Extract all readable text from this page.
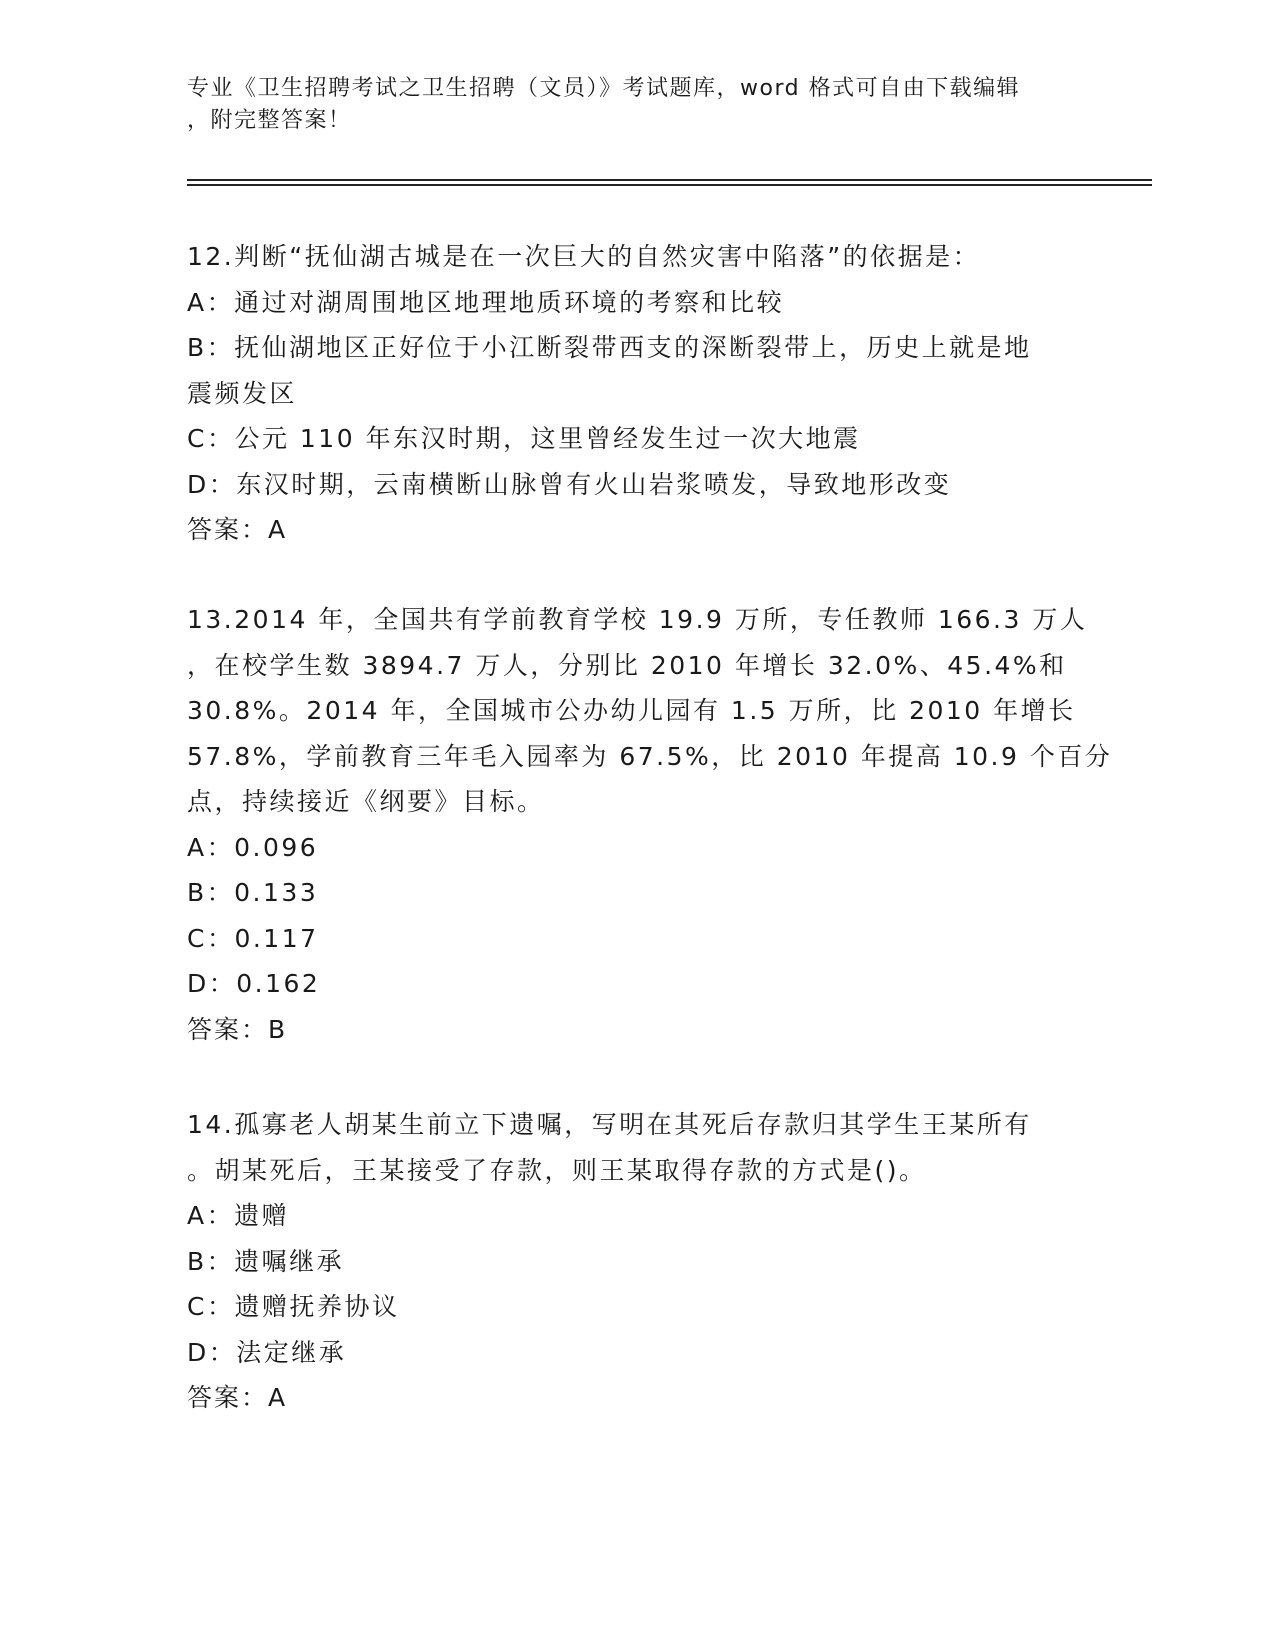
专业《卫生招聘考试之卫生招聘（文员）》考试题库，word 格式可自由下载编辑
，附完整答案！
12.判断“抚仙湖古城是在一次巨大的自然灾害中陷落”的依据是：
A：通过对湖周围地区地理地质环境的考察和比较
B：抚仙湖地区正好位于小江断裂带西支的深断裂带上，历史上就是地
震频发区
C：公元 110 年东汉时期，这里曾经发生过一次大地震
D：东汉时期，云南横断山脉曾有火山岩浆喷发，导致地形改变
答案：A
13.2014 年，全国共有学前教育学校 19.9 万所，专任教师 166.3 万人
，在校学生数 3894.7 万人，分别比 2010 年增长 32.0%、45.4%和
30.8%。2014 年，全国城市公办幼儿园有 1.5 万所，比 2010 年增长
57.8%，学前教育三年毛入园率为 67.5%，比 2010 年提高 10.9 个百分
点，持续接近《纲要》目标。
A：0.096
B：0.133
C：0.117
D：0.162
答案：B
14.孤寡老人胡某生前立下遗嘱，写明在其死后存款归其学生王某所有
。胡某死后，王某接受了存款，则王某取得存款的方式是()。
A：遗赠
B：遗嘱继承
C：遗赠抚养协议
D：法定继承
答案：A
